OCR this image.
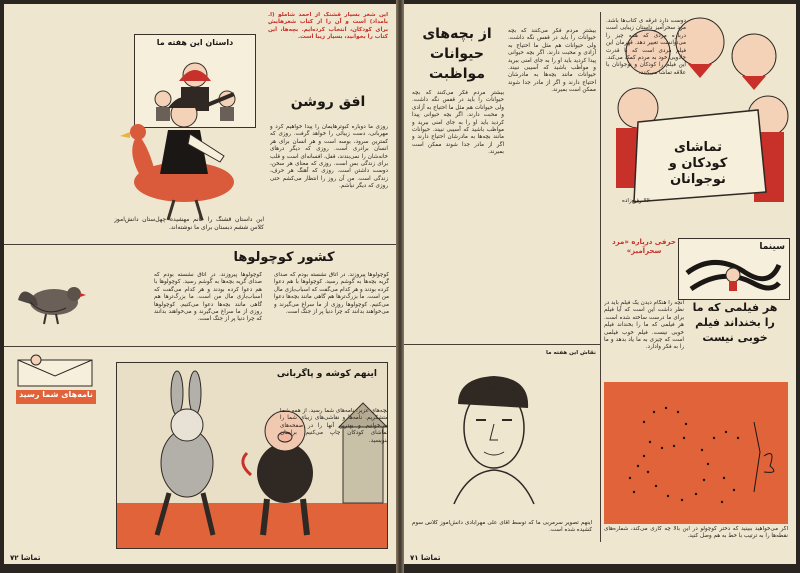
این شعر بسیار قشنگ از احمد شاملو (ا. بامداد) است و آن را از کتاب شعرهایش برای کودکان، انتخاب کرده‌ایم. بچه‌ها، این کتاب را بخوانید، بسیار زیبا است.
افق روشن
روزی ما دوباره کبوترهایمان را پیدا خواهیم کرد و مهربانی، دست زیبائی را خواهد گرفت. روزی که کمترین سرود، بوسه است و هر انسان برای هر انسان برادری است. روزی که دیگر درهای خانه‌شان را نمی‌بندند، قفل، افسانه‌ای است و قلب برای زندگی بس است. روزی که معنای هر سخن، دوست داشتن است. روزی که آهنگ هر حرف، زندگی است. من آن روز را انتظار می‌کشم حتی روزی که دیگر نباشم.
داستان این هفته ما
این داستان قشنگ را خانم مهشیده چهل‌ستان دانش‌آموز کلاس ششم دبستان برای ما نوشته‌اند.
کشور کوچولوها
کوچولوها پیروزند. در اتاق نشسته بودم که صدای گریه بچه‌ها به گوشم رسید. کوچولوها با هم دعوا کرده بودند و هر کدام می‌گفت که اسباب‌بازی مال من است. ما بزرگ‌ترها هم گاهی مانند بچه‌ها دعوا می‌کنیم. کوچولوها روزی از ما سراغ می‌گیرند و می‌خواهند بدانند که چرا دنیا پر از جنگ است.
کوچولوها پیروزند. در اتاق نشسته بودم که صدای گریه بچه‌ها به گوشم رسید. کوچولوها با هم دعوا کرده بودند و هر کدام می‌گفت که اسباب‌بازی مال من است. ما بزرگ‌ترها هم گاهی مانند بچه‌ها دعوا می‌کنیم. کوچولوها روزی از ما سراغ می‌گیرند و می‌خواهند بدانند که چرا دنیا پر از جنگ است.
اینهم کوشه و پاگربانی
نامه‌های شما رسید
بچه‌های عزیز، نامه‌های شما رسید. از همه شما متشکریم. نامه‌ها و نقاشی‌های زیبای شما را می‌خوانیم و بهترین آنها را در صفحه‌های تماشای کودکان چاپ می‌کنیم. برایمان بنویسید.
۷۲ تماشا
تماشای
کودکان و
نوجوانان
لالا رفیع‌زاده
دوست دارد غرقه ی کتاب‌ها باشد. مرد سحرآمیز داستان زیبایی است درباره مردی که همه چیز را می‌توانست تغییر دهد. قهرمان این فیلم مردی است که با قدرت جادویی خود به مردم کمک می‌کند. این فیلم را کودکان و نوجوانان با علاقه تماشا می‌کنند.
از بچه‌های حیوانات مواظبت
بیشتر مردم فکر می‌کنند که بچه حیوانات را باید در قفس نگه داشت. ولی حیوانات هم مثل ما احتیاج به آزادی و محبت دارند. اگر بچه حیوانی پیدا کردید باید او را به جای امنی ببرید و مواظب باشید که آسیبی نبیند. حیوانات مانند بچه‌ها به مادرشان احتیاج دارند و اگر از مادر جدا شوند ممکن است بمیرند.
بیشتر مردم فکر می‌کنند که بچه حیوانات را باید در قفس نگه داشت. ولی حیوانات هم مثل ما احتیاج به آزادی و محبت دارند. اگر بچه حیوانی پیدا کردید باید او را به جای امنی ببرید و مواظب باشید که آسیبی نبیند. حیوانات مانند بچه‌ها به مادرشان احتیاج دارند و اگر از مادر جدا شوند ممکن است بمیرند.
نقاش این هفته ما
اینهم تصویر سرمربی ما که توسط آقای علی مهرآبادی دانش‌آموز کلاس سوم کشیده شده است.
سینما
حرفی درباره «مرد سحرآمیز»
هر فیلمی که ما
را بخنداند فیلم
خوبی نیست
آنچه را هنگام دیدن یک فیلم باید در نظر داشت این است که آیا فیلم برای ما درست ساخته شده است. هر فیلمی که ما را بخنداند فیلم خوبی نیست. فیلم خوب فیلمی است که چیزی به ما یاد بدهد و ما را به فکر وادارد.
اگر می‌خواهید ببینید که دختر کوچولو در این بالا چه کاری می‌کند، شماره‌های نقطه‌ها را به ترتیب با خط به هم وصل کنید.
۷۱ تماشا
